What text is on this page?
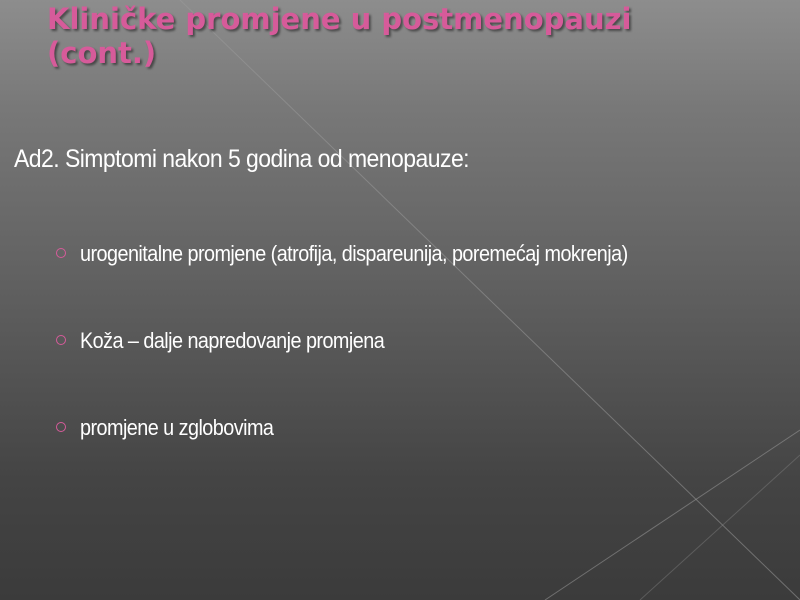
Kliničke promjene u postmenopauzi
(cont.)

Ad2. Simptomi nakon 5 godina od menopauze:

urogenitalne promjene (atrofija, dispareunija, poremećaj mokrenja)
Koža – dalje napredovanje promjena
promjene u zglobovima
